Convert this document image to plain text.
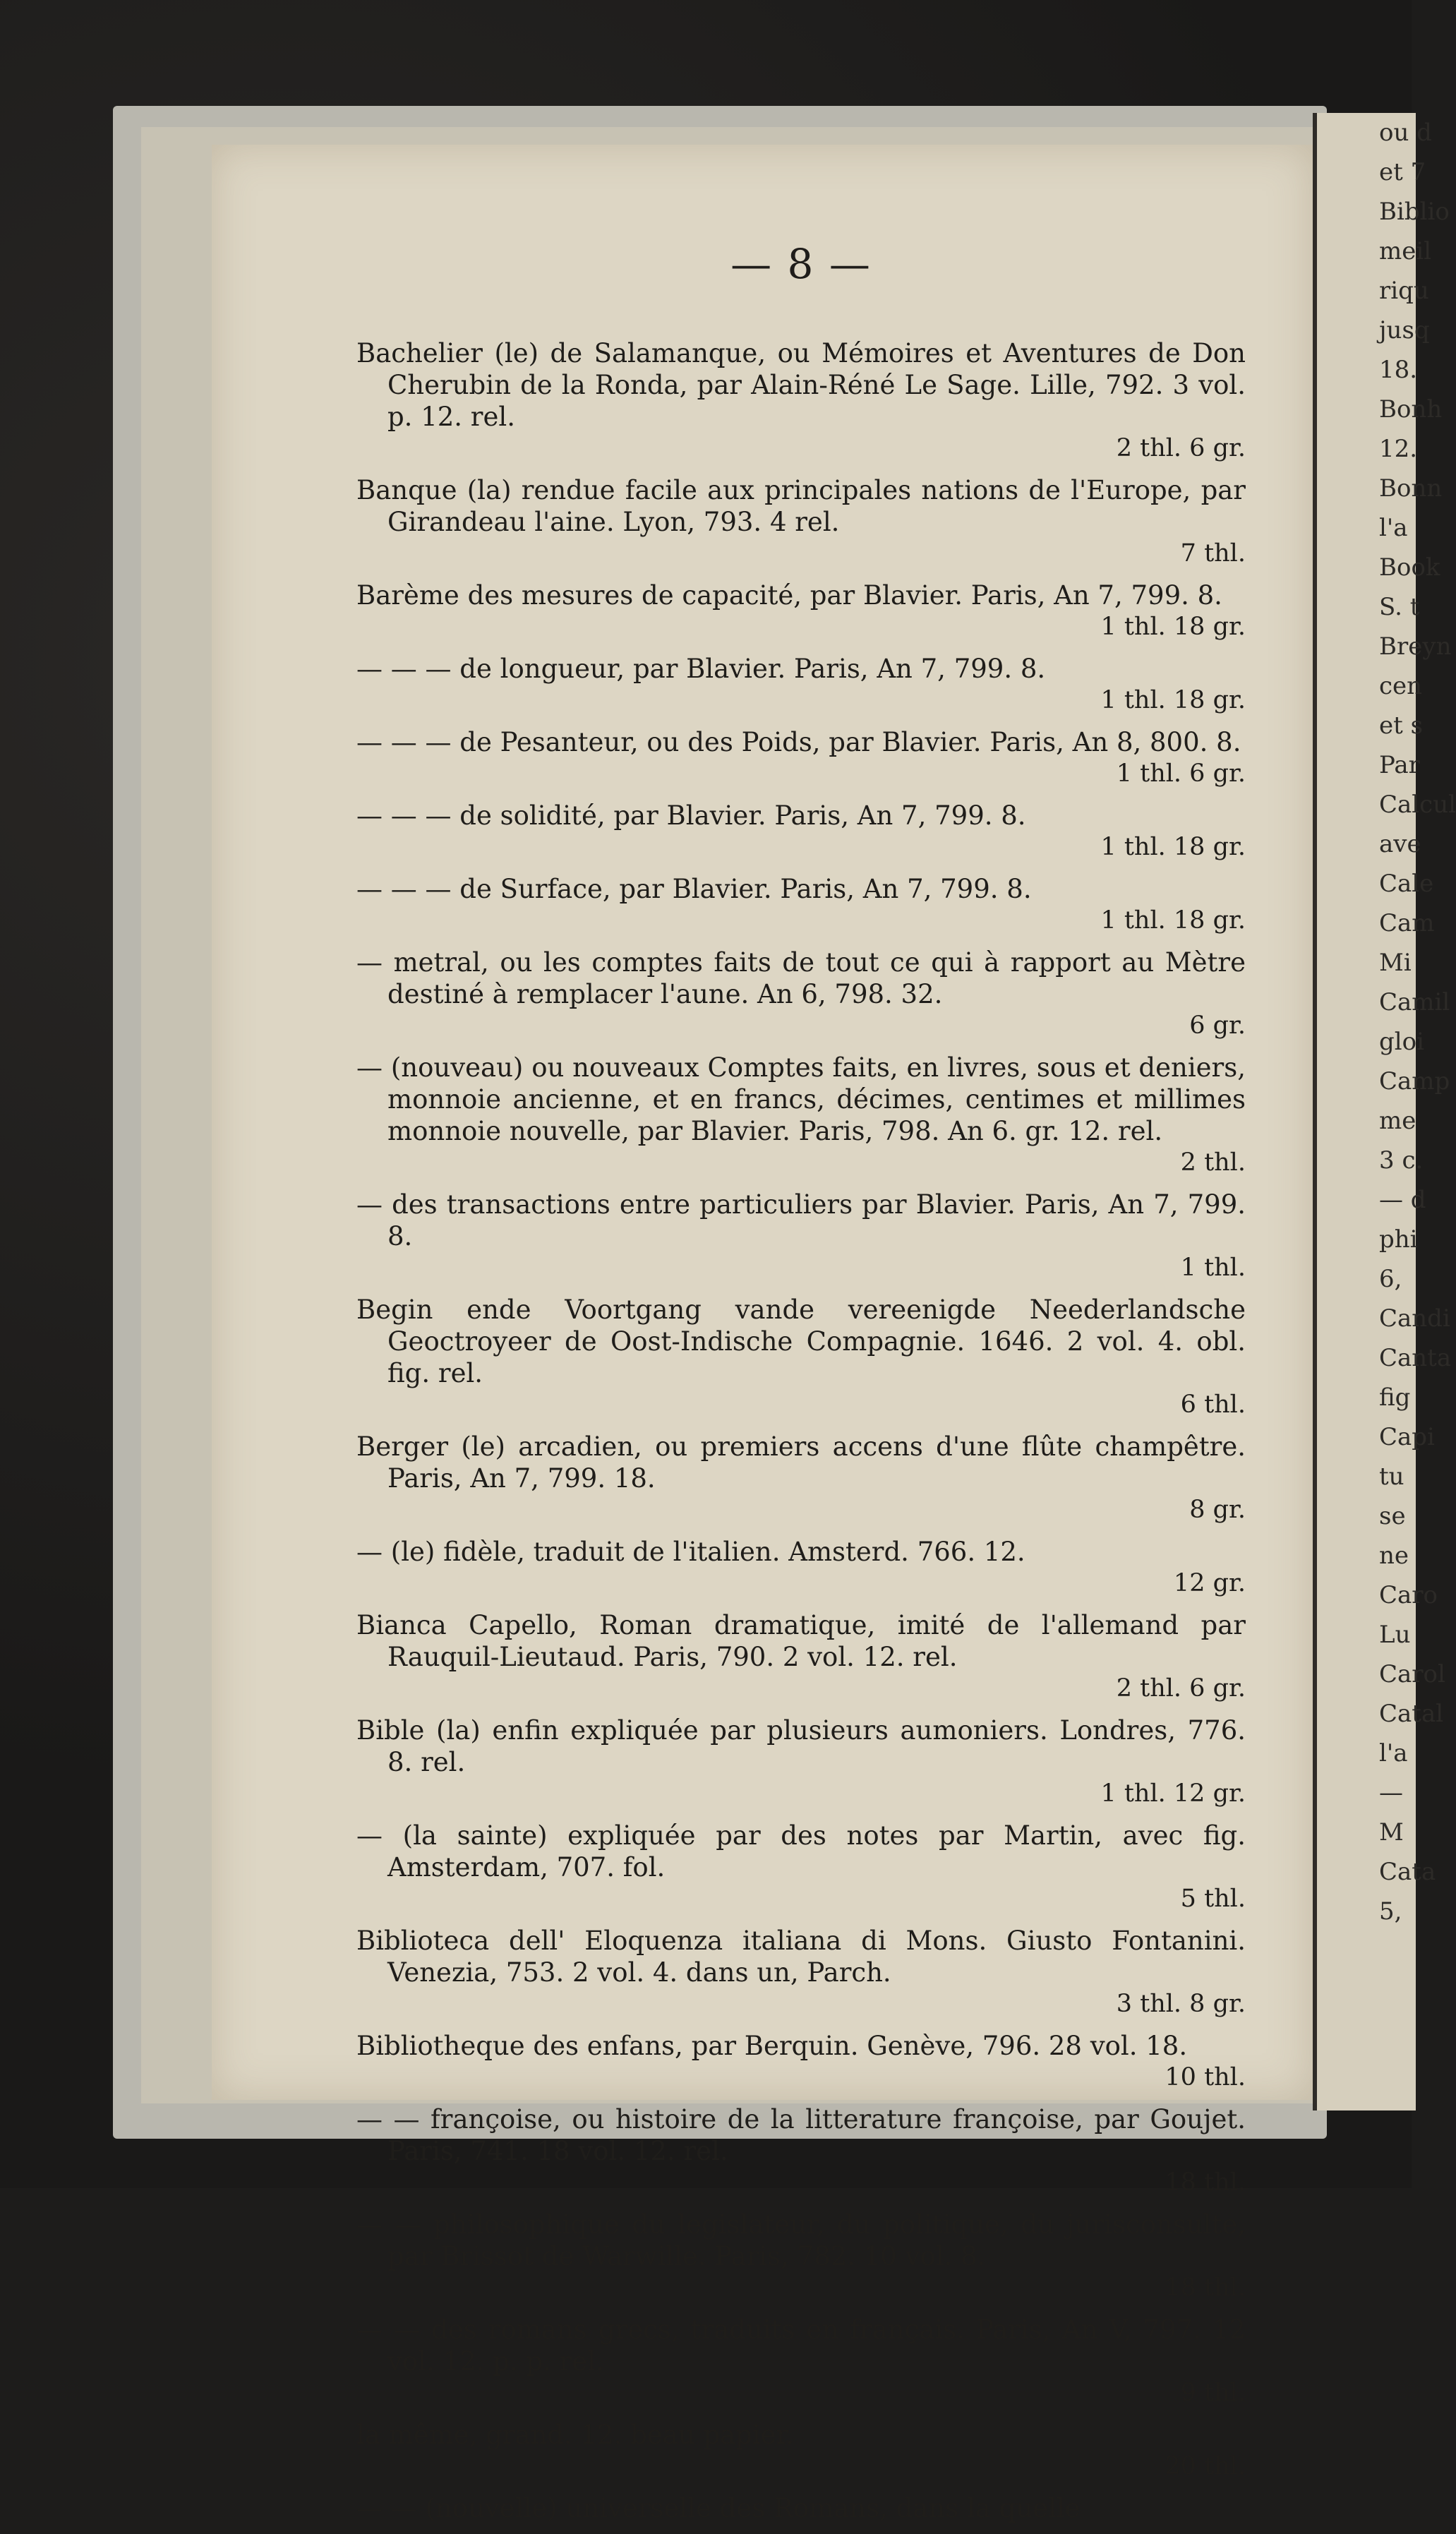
ou d
et 7
Biblio
meil
riqu
jusq
18.
Bonh
12.
Bonn
l'a
Book
S. t
Breyn
cen
et s
Par
Calcul
ave
Cale
Cam
Mi
Camil
gloi
Camp
me
3 c.
— d
phi
6,
Candi
Canta
fig
Capi
tu
se
ne
Caro
Lu
Carol
Catal
l'a
—
M
Cata
5,
— 8 —
Bachelier (le) de Salamanque, ou Mémoires et Aventures de Don Cherubin de la Ronda, par Alain-Réné Le Sage. Lille, 792. 3 vol. p. 12. rel.
2 thl. 6 gr.
Banque (la) rendue facile aux principales nations de l'Europe, par Girandeau l'aine. Lyon, 793. 4 rel.
7 thl.
Barème des mesures de capacité, par Blavier. Paris, An 7, 799. 8.
1 thl. 18 gr.
— — — de longueur, par Blavier. Paris, An 7, 799. 8.
1 thl. 18 gr.
— — — de Pesanteur, ou des Poids, par Blavier. Paris, An 8, 800. 8.
1 thl. 6 gr.
— — — de solidité, par Blavier. Paris, An 7, 799. 8.
1 thl. 18 gr.
— — — de Surface, par Blavier. Paris, An 7, 799. 8.
1 thl. 18 gr.
— metral, ou les comptes faits de tout ce qui à rapport au Mètre destiné à remplacer l'aune. An 6, 798. 32.
6 gr.
— (nouveau) ou nouveaux Comptes faits, en livres, sous et deniers, monnoie ancienne, et en francs, décimes, centimes et millimes monnoie nouvelle, par Blavier. Paris, 798. An 6. gr. 12. rel.
2 thl.
— des transactions entre particuliers par Blavier. Paris, An 7, 799. 8.
1 thl.
Begin ende Voortgang vande vereenigde Neederlandsche Geoctroyeer de Oost-Indische Compagnie. 1646. 2 vol. 4. obl. fig. rel.
6 thl.
Berger (le) arcadien, ou premiers accens d'une flûte champêtre. Paris, An 7, 799. 18.
8 gr.
— (le) fidèle, traduit de l'italien. Amsterd. 766. 12.
12 gr.
Bianca Capello, Roman dramatique, imité de l'allemand par Rauquil-Lieutaud. Paris, 790. 2 vol. 12. rel.
2 thl. 6 gr.
Bible (la) enfin expliquée par plusieurs aumoniers. Londres, 776. 8. rel.
1 thl. 12 gr.
— (la sainte) expliquée par des notes par Martin, avec fig. Amsterdam, 707. fol.
5 thl.
Biblioteca dell' Eloquenza italiana di Mons. Giusto Fontanini. Venezia, 753. 2 vol. 4. dans un, Parch.
3 thl. 8 gr.
Bibliotheque des enfans, par Berquin. Genève, 796. 28 vol. 18.
10 thl.
— — françoise, ou histoire de la litterature françoise, par Goujet. Paris, 741. 18 vol. 12. rel.
18 thl.
— — philosophique du legislateur, du politique, du jurisconsulte, par Brissot de Warwille. Paris, 782. 10 vol. 8.
18 thl.
— — des romans grecs, traduits en français. Paris, An V, 797. 12 vol. 12. p. p. rel.
9 thl.
la même, grand. 12. beau papier.
20 thl.
— — (nouvelle) universelle des Romans, dans la quelle
